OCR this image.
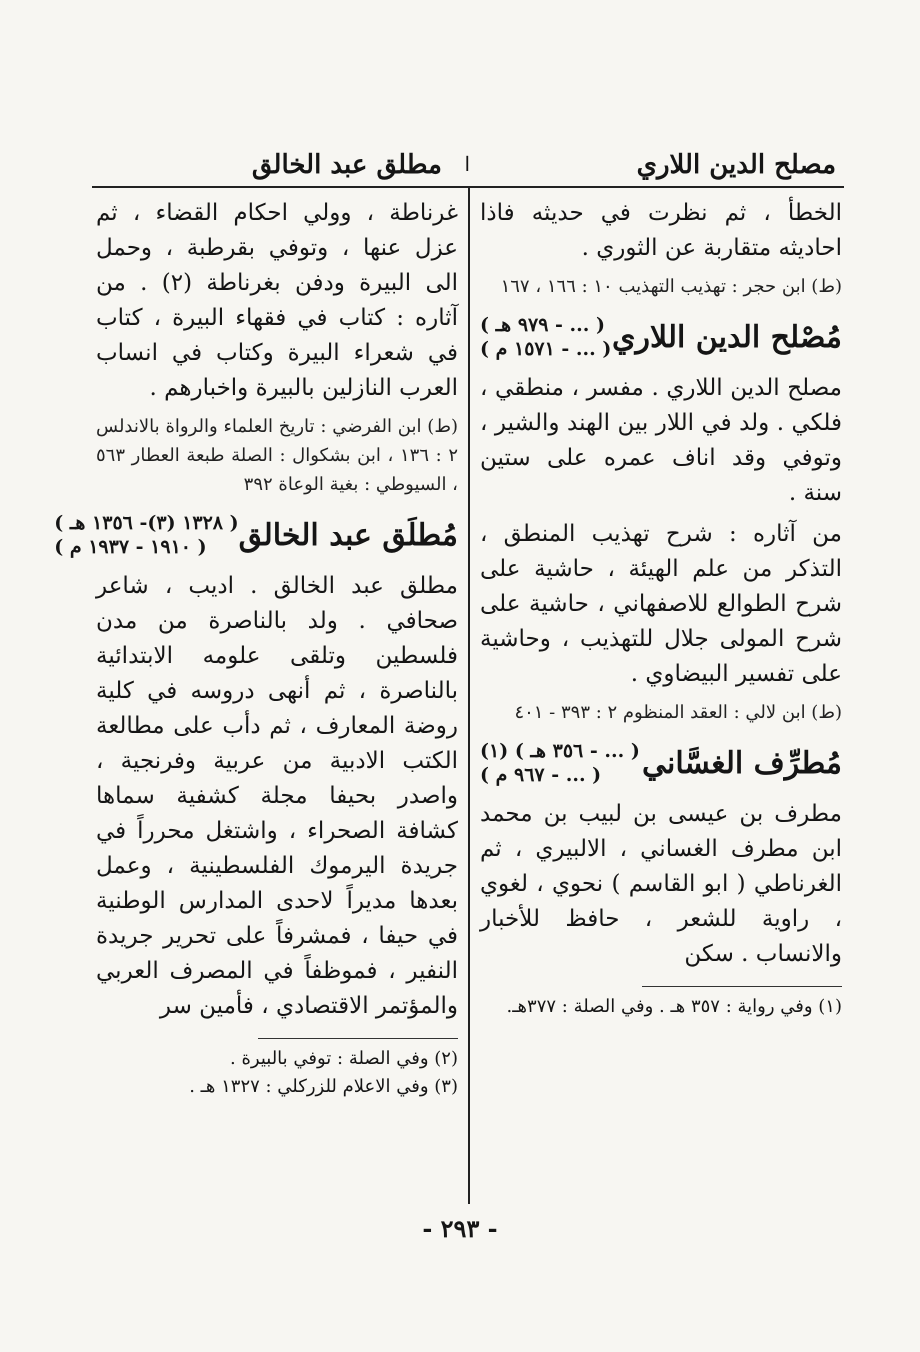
مصلح الدين اللاري
ا
مطلق عبد الخالق

الخطأ ، ثم نظرت في حديثه فاذا احاديثه متقاربة عن الثوري .

(ط) ابن حجر : تهذيب التهذيب ١٠ : ١٦٦ ، ١٦٧

مُصْلح الدين اللاري
( ... - ٩٧٩ هـ )
( ... - ١٥٧١ م )

مصلح الدين اللاري . مفسر ، منطقي ، فلكي . ولد في اللار بين الهند والشير ، وتوفي وقد اناف عمره على ستين سنة .

من آثاره : شرح تهذيب المنطق ، التذكر من علم الهيئة ، حاشية على شرح الطوالع للاصفهاني ، حاشية على شرح المولى جلال للتهذيب ، وحاشية على تفسير البيضاوي .

(ط) ابن لالي : العقد المنظوم ٢ : ٣٩٣ - ٤٠١

مُطرِّف الغسَّاني
( ... - ٣٥٦ هـ ) (١)
( ... - ٩٦٧ م )

مطرف بن عيسى بن لبيب بن محمد ابن مطرف الغساني ، الالبيري ، ثم الغرناطي ( ابو القاسم ) نحوي ، لغوي ، راوية للشعر ، حافظ للأخبار والانساب . سكن

(١) وفي رواية : ٣٥٧ هـ . وفي الصلة : ٣٧٧هـ.

غرناطة ، وولي احكام القضاء ، ثم عزل عنها ، وتوفي بقرطبة ، وحمل الى البيرة ودفن بغرناطة (٢) . من آثاره : كتاب في فقهاء البيرة ، كتاب في شعراء البيرة وكتاب في انساب العرب النازلين بالبيرة واخبارهم .

(ط) ابن الفرضي : تاريخ العلماء والرواة بالاندلس ٢ : ١٣٦ ، ابن بشكوال : الصلة طبعة العطار ٥٦٣ ، السيوطي : بغية الوعاة ٣٩٢

مُطلَق عبد الخالق
( ١٣٢٨ (٣)- ١٣٥٦ هـ )
( ١٩١٠ - ١٩٣٧ م )

مطلق عبد الخالق . اديب ، شاعر صحافي . ولد بالناصرة من مدن فلسطين وتلقى علومه الابتدائية بالناصرة ، ثم أنهى دروسه في كلية روضة المعارف ، ثم دأب على مطالعة الكتب الادبية من عربية وفرنجية ، واصدر بحيفا مجلة كشفية سماها كشافة الصحراء ، واشتغل محرراً في جريدة اليرموك الفلسطينية ، وعمل بعدها مديراً لاحدى المدارس الوطنية في حيفا ، فمشرفاً على تحرير جريدة النفير ، فموظفاً في المصرف العربي والمؤتمر الاقتصادي ، فأمين سر

(٢) وفي الصلة : توفي بالبيرة .

(٣) وفي الاعلام للزركلي : ١٣٢٧ هـ .

- ٢٩٣ -
